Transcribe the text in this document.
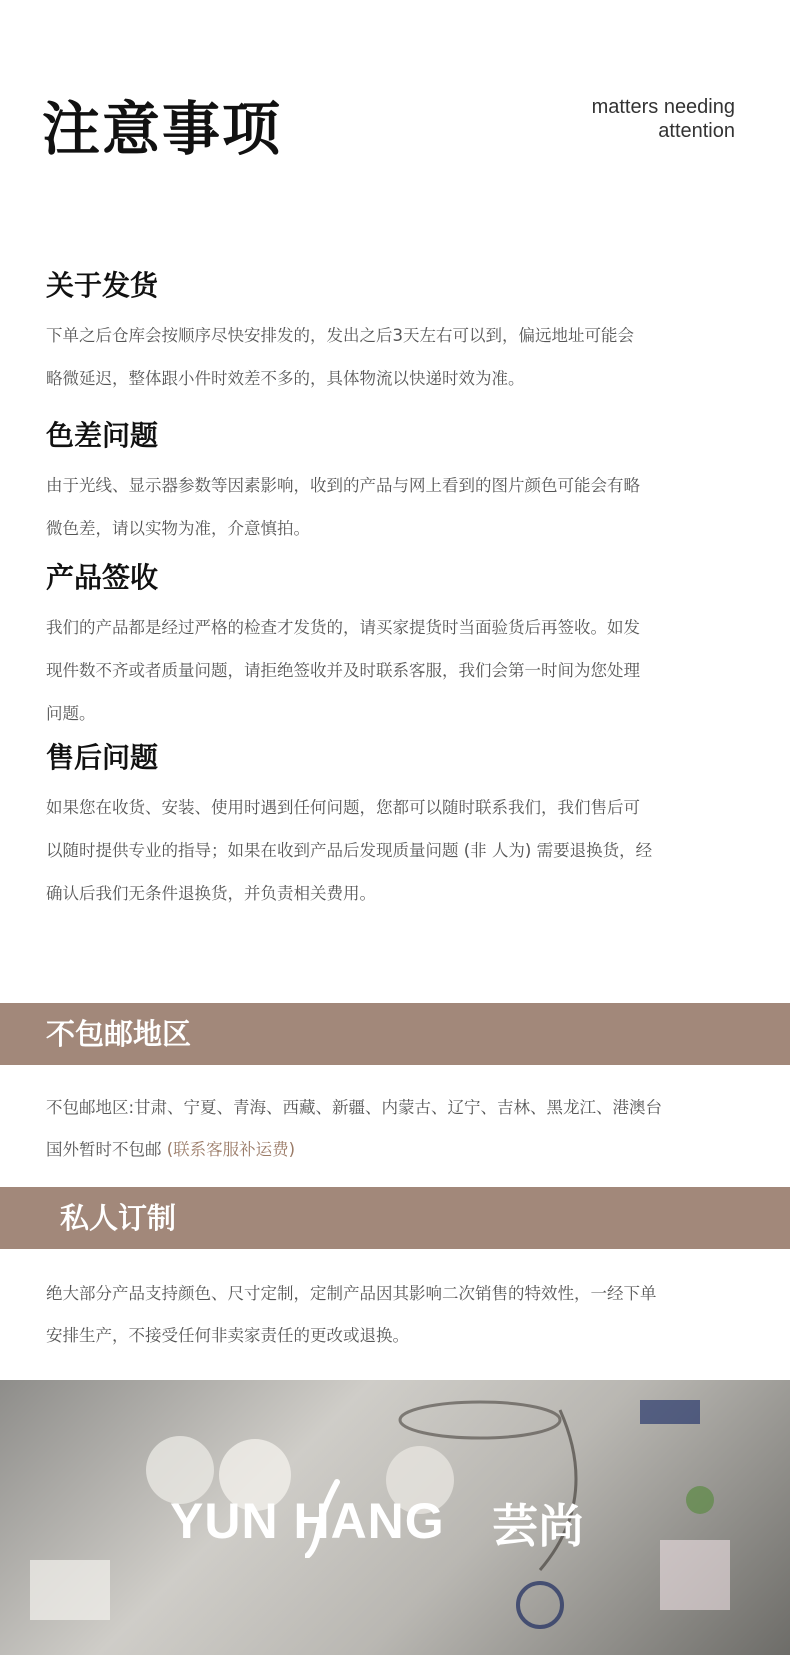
注意事项	matters needing
attention
关于发货

下单之后仓库会按顺序尽快安排发的，发出之后3天左右可以到，偏远地址可能会
略微延迟，整体跟小件时效差不多的，具体物流以快递时效为准。

色差问题

由于光线、显示器参数等因素影响，收到的产品与网上看到的图片颜色可能会有略
微色差，请以实物为准，介意慎拍。

产品签收

我们的产品都是经过严格的检查才发货的，请买家提货时当面验货后再签收。如发
现件数不齐或者质量问题，请拒绝签收并及时联系客服，我们会第一时间为您处理
问题。

售后问题

如果您在收货、安装、使用时遇到任何问题，您都可以随时联系我们，我们售后可
以随时提供专业的指导；如果在收到产品后发现质量问题 (非 人为) 需要退换货，经
确认后我们无条件退换货，并负责相关费用。

不包邮地区

不包邮地区:甘肃、宁夏、青海、西藏、新疆、内蒙古、辽宁、吉林、黑龙江、港澳台

国外暂时不包邮 (联系客服补运费)

私人订制

绝大部分产品支持颜色、尺寸定制，定制产品因其影响二次销售的特效性，一经下单

安排生产，不接受任何非卖家责任的更改或退换。

YUN HANG 芸尚
